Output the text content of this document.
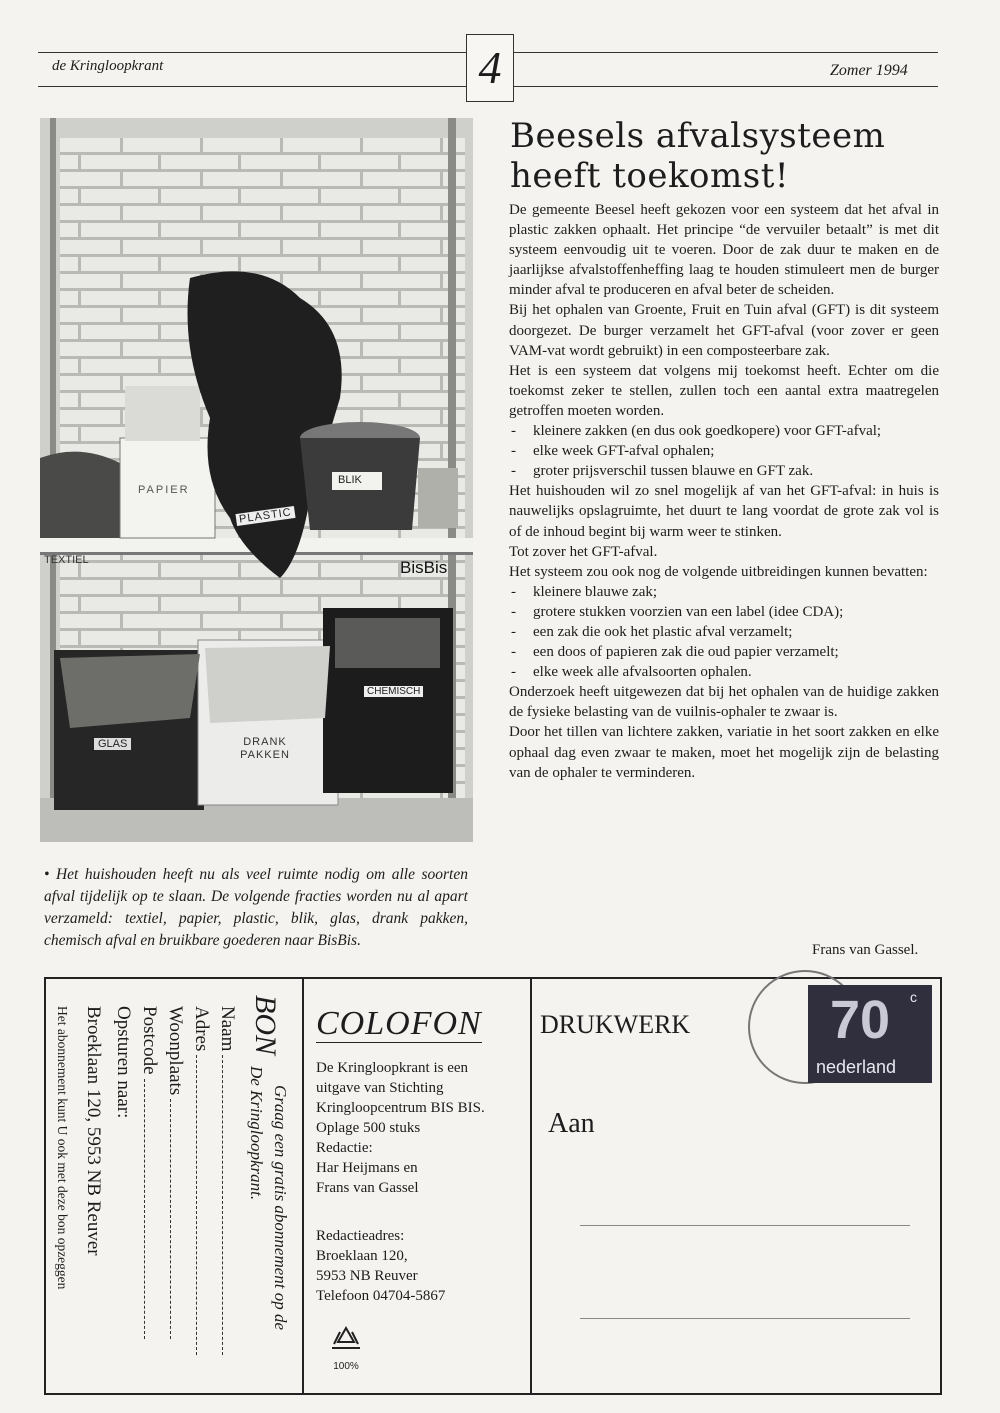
de Kringloopkrant	4	Zomer 1994
PAPIER
PLASTIC
BLIK
TEXTIEL	BisBis
GLAS	DRANK PAKKEN
CHEMISCH
• Het huishouden heeft nu als veel ruimte nodig om alle soorten afval tijdelijk op te slaan. De volgende fracties worden nu al apart verzameld: textiel, papier, plastic, blik, glas, drank pakken, chemisch afval en bruikbare goederen naar BisBis.
Beesels afvalsysteem
heeft toekomst!

De gemeente Beesel heeft gekozen voor een systeem dat het afval in plastic zakken ophaalt. Het principe “de vervuiler betaalt” is met dit systeem eenvoudig uit te voeren. Door de zak duur te maken en de jaarlijkse afvalstoffenheffing laag te houden stimuleert men de burger minder afval te produceren en afval beter de scheiden.

Bij het ophalen van Groente, Fruit en Tuin afval (GFT) is dit systeem doorgezet. De burger verzamelt het GFT-afval (voor zover er geen VAM-vat wordt gebruikt) in een composteerbare zak.

Het is een systeem dat volgens mij toekomst heeft. Echter om die toekomst zeker te stellen, zullen toch een aantal extra maatregelen getroffen moeten worden.

- kleinere zakken (en dus ook goedkopere) voor GFT-afval;

- elke week GFT-afval ophalen;

- groter prijsverschil tussen blauwe en GFT zak.

Het huishouden wil zo snel mogelijk af van het GFT-afval: in huis is nauwelijks opslagruimte, het duurt te lang voordat de grote zak vol is of de inhoud begint bij warm weer te stinken.

Tot zover het GFT-afval.

Het systeem zou ook nog de volgende uitbreidingen kunnen bevatten:

- kleinere blauwe zak;

- grotere stukken voorzien van een label (idee CDA);

- een zak die ook het plastic afval verzamelt;

- een doos of papieren zak die oud papier verzamelt;

- elke week alle afvalsoorten ophalen.

Onderzoek heeft uitgewezen dat bij het ophalen van de huidige zakken de fysieke belasting van de vuilnis-ophaler te zwaar is.

Door het tillen van lichtere zakken, variatie in het soort zakken en elke ophaal dag even zwaar te maken, moet het mogelijk zijn de belasting van de ophaler te verminderen.

Frans van Gassel.
BON
Graag een gratis abonnement op de
De Kringloopkrant.
Naam
Adres
Woonplaats
Postcode
Opsturen naar:
Broeklaan 120, 5953 NB Reuver
Het abonnement kunt U ook met deze bon opzeggen	COLOFON
De Kringloopkrant is een
uitgave van Stichting
Kringloopcentrum BIS BIS.
Oplage 500 stuks
Redactie:
Har Heijmans en
Frans van Gassel
Redactieadres:
Broeklaan 120,
5953 NB Reuver
Telefoon 04704-5867
100%
DRUKWERK	70 c
nederland
Aan
